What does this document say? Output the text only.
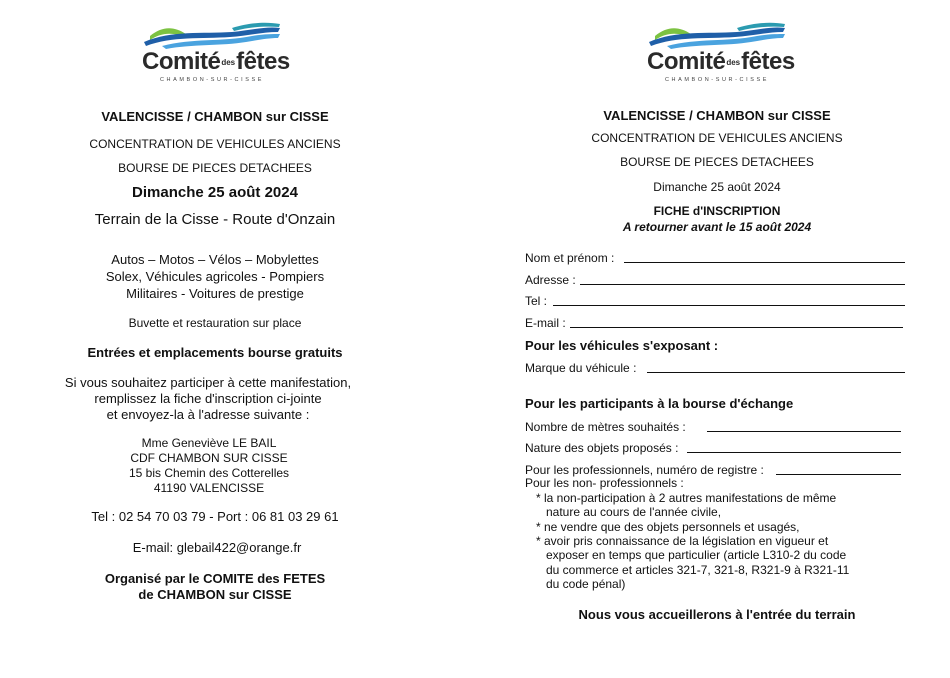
Comitédesfêtes
CHAMBON-SUR-CISSE
Comitédesfêtes
CHAMBON-SUR-CISSE
VALENCISSE / CHAMBON sur CISSE
CONCENTRATION DE VEHICULES ANCIENS
BOURSE DE PIECES DETACHEES
Dimanche 25 août 2024
Terrain de la Cisse - Route d'Onzain
Autos – Motos – Vélos – Mobylettes
Solex, Véhicules agricoles - Pompiers
Militaires - Voitures de prestige
Buvette et restauration sur place
Entrées et emplacements bourse gratuits
Si vous souhaitez participer à cette manifestation,
remplissez la fiche d'inscription ci-jointe
et envoyez-la à l'adresse suivante :
Mme Geneviève LE BAIL
CDF CHAMBON SUR CISSE
15 bis Chemin des Cotterelles
41190 VALENCISSE
Tel : 02 54 70 03 79 - Port : 06 81 03 29 61
E-mail: glebail422@orange.fr
Organisé par le COMITE des FETES
de CHAMBON sur CISSE
VALENCISSE / CHAMBON sur CISSE
CONCENTRATION DE VEHICULES ANCIENS
BOURSE DE PIECES DETACHEES
Dimanche 25 août 2024
FICHE d'INSCRIPTION
A retourner avant le 15 août 2024
Nom et prénom :
Adresse :
Tel :
E-mail :
Pour les véhicules s'exposant :
Marque du véhicule :
Pour les participants à la bourse d'échange
Nombre de mètres souhaités :
Nature des objets proposés :
Pour les professionnels, numéro de registre :
Pour les non- professionnels :
* la non-participation à 2 autres manifestations de même
nature au cours de l'année civile,
* ne vendre que des objets personnels et usagés,
* avoir pris connaissance de la législation en vigueur et
exposer en temps que particulier (article L310-2 du code
du commerce et articles 321-7, 321-8, R321-9 à R321-11
du code pénal)
Nous vous accueillerons à l'entrée du terrain
